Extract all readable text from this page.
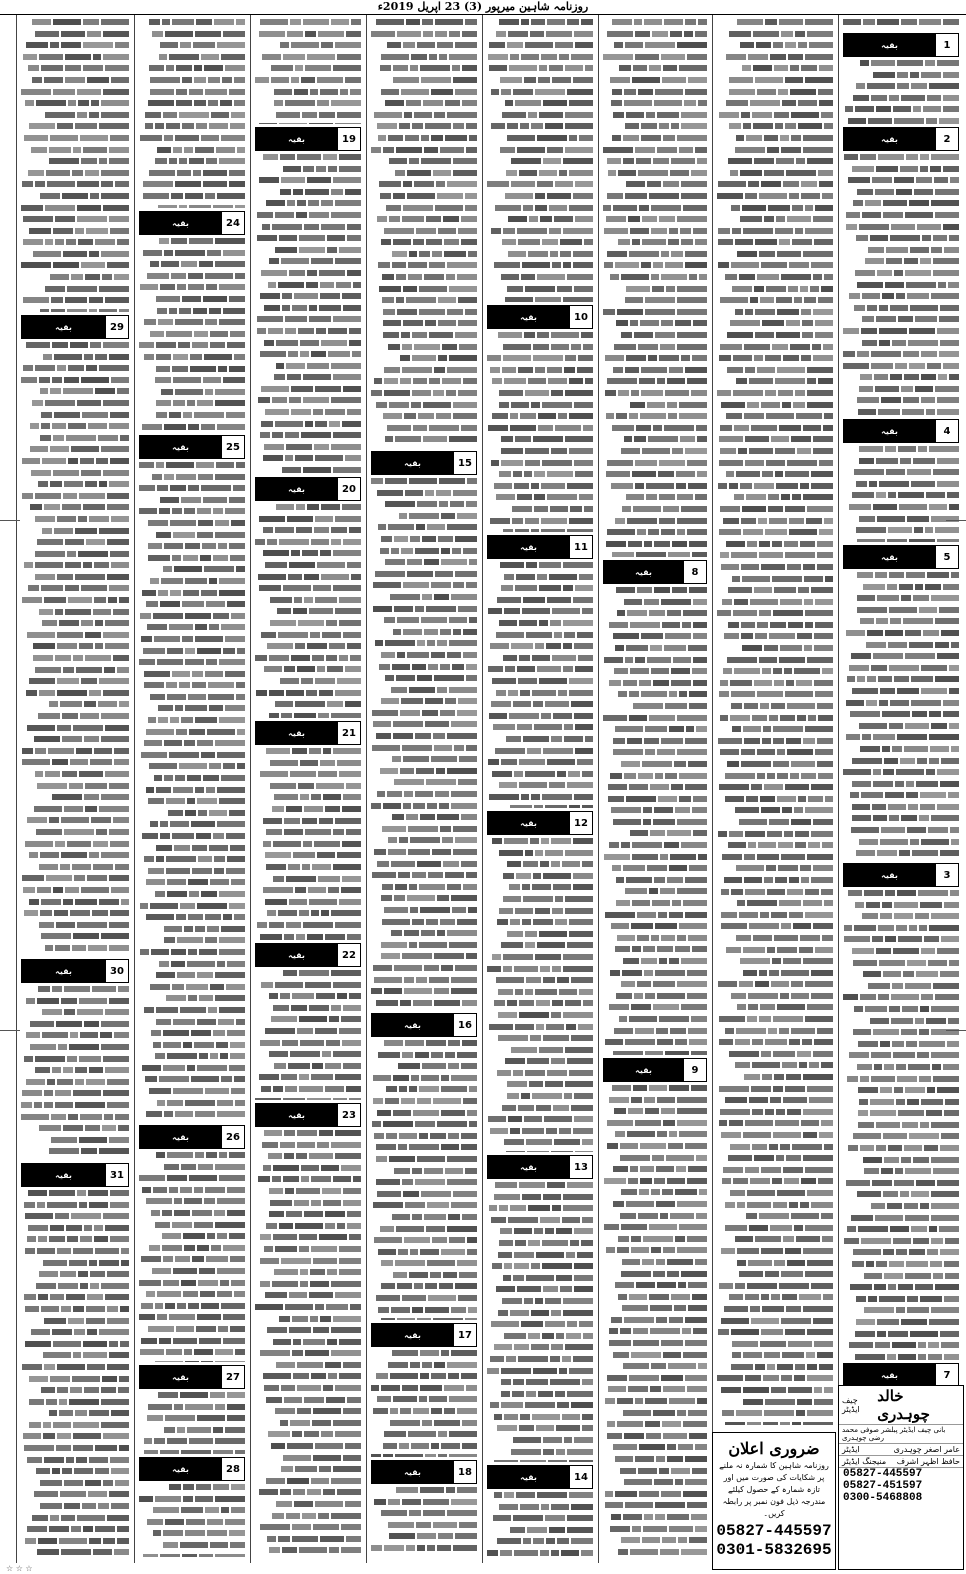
روزنامہ شاہین میرپور (3) 23 اپریل 2019ء
بقیہ	1
بقیہ	2
بقیہ	4
بقیہ	5
بقیہ	3
بقیہ	7
بقیہ	8
بقیہ	9
بقیہ	10
بقیہ	11
بقیہ	12
بقیہ	13
بقیہ	14
بقیہ	15
بقیہ	16
بقیہ	17
بقیہ	18
بقیہ	19
بقیہ	20
بقیہ	21
بقیہ	22
بقیہ	23
بقیہ	24
بقیہ	25
بقیہ	26
بقیہ	27
بقیہ	28
بقیہ	29
بقیہ	30
بقیہ	31
چیف ایڈیٹر
خالد چوہدری
بانی چیف ایڈیٹر پبلشر صوفی محمد رضی چوہدری
ایڈیٹر	عامر اصغر چوہدری
منیجنگ ایڈیٹر حافظ اظہر اشرف
05827-445597
05827-451597
0300-5468808
ضروری اعلان
روزنامہ شاہین کا شمارہ نہ ملنے پر شکایات کی صورت میں اور تازہ شمارہ کے حصول کیلئے مندرجہ ذیل فون نمبر پر رابطہ کریں۔
05827-445597
0301-5832695
☆ ☆ ☆
